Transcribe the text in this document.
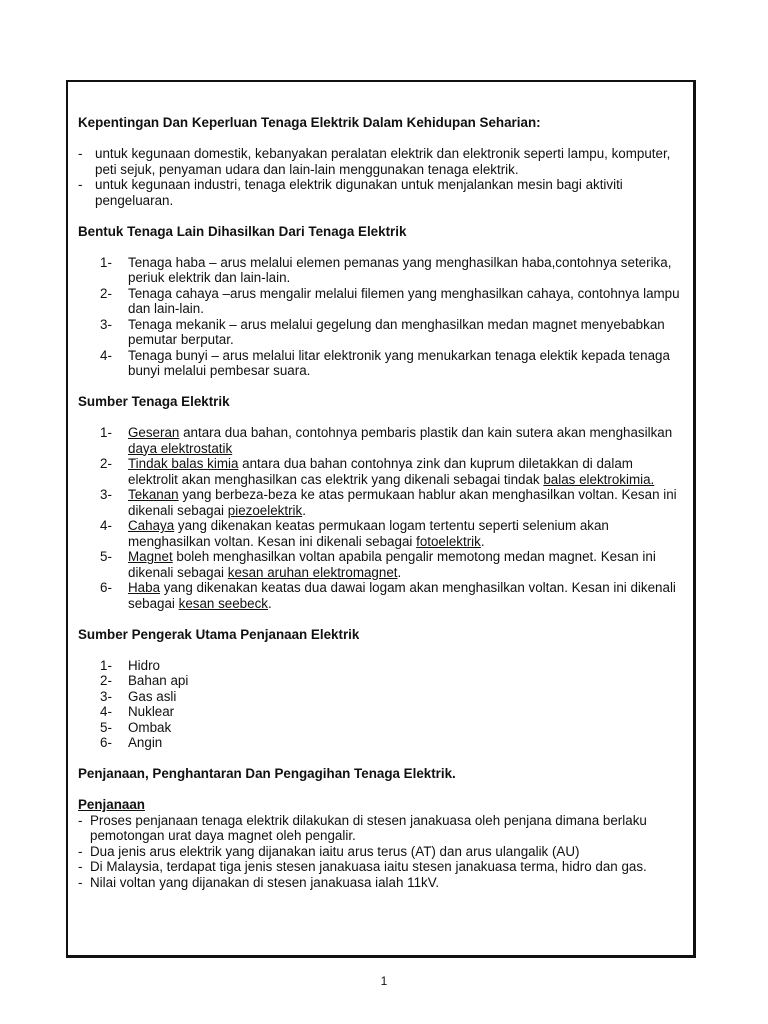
Kepentingan Dan Keperluan Tenaga Elektrik Dalam Kehidupan Seharian:

- untuk kegunaan domestik, kebanyakan peralatan elektrik dan elektronik seperti lampu, komputer, peti sejuk, penyaman udara dan lain-lain menggunakan tenaga elektrik.
- untuk kegunaan industri, tenaga elektrik digunakan untuk menjalankan mesin bagi aktiviti pengeluaran.

Bentuk Tenaga Lain Dihasilkan Dari Tenaga Elektrik

1-	Tenaga haba – arus melalui elemen pemanas yang menghasilkan haba,contohnya seterika, periuk elektrik dan lain-lain.
2-	Tenaga cahaya –arus mengalir melalui filemen yang menghasilkan cahaya, contohnya lampu dan lain-lain.
3-	Tenaga mekanik – arus melalui gegelung dan menghasilkan medan magnet menyebabkan pemutar berputar.
4-	Tenaga bunyi – arus melalui litar elektronik yang menukarkan tenaga elektik kepada tenaga bunyi melalui pembesar suara.

Sumber Tenaga Elektrik

1-	Geseran antara dua bahan, contohnya pembaris plastik dan kain sutera akan menghasilkan daya elektrostatik
2-	Tindak balas kimia antara dua bahan contohnya zink dan kuprum diletakkan di dalam elektrolit akan menghasilkan cas elektrik yang dikenali sebagai tindak balas elektrokimia.
3-	Tekanan yang berbeza-beza ke atas permukaan hablur akan menghasilkan voltan. Kesan ini dikenali sebagai piezoelektrik.
4-	Cahaya yang dikenakan keatas permukaan logam tertentu seperti selenium akan menghasilkan voltan. Kesan ini dikenali sebagai fotoelektrik.
5-	Magnet boleh menghasilkan voltan apabila pengalir memotong medan magnet. Kesan ini dikenali sebagai kesan aruhan elektromagnet.
6-	Haba yang dikenakan keatas dua dawai logam akan menghasilkan voltan. Kesan ini dikenali sebagai kesan seebeck.

Sumber Pengerak Utama Penjanaan Elektrik

1-	Hidro
2-	Bahan api
3-	Gas asli
4-	Nuklear
5-	Ombak
6-	Angin

Penjanaan, Penghantaran Dan Pengagihan Tenaga Elektrik.

Penjanaan

- Proses penjanaan tenaga elektrik dilakukan di stesen janakuasa oleh penjana dimana berlaku pemotongan urat daya magnet oleh pengalir.
- Dua jenis arus elektrik yang dijanakan iaitu arus terus (AT) dan arus ulangalik (AU)
- Di Malaysia, terdapat tiga jenis stesen janakuasa iaitu stesen janakuasa terma, hidro dan gas.
- Nilai voltan yang dijanakan di stesen janakuasa ialah 11kV.
1
